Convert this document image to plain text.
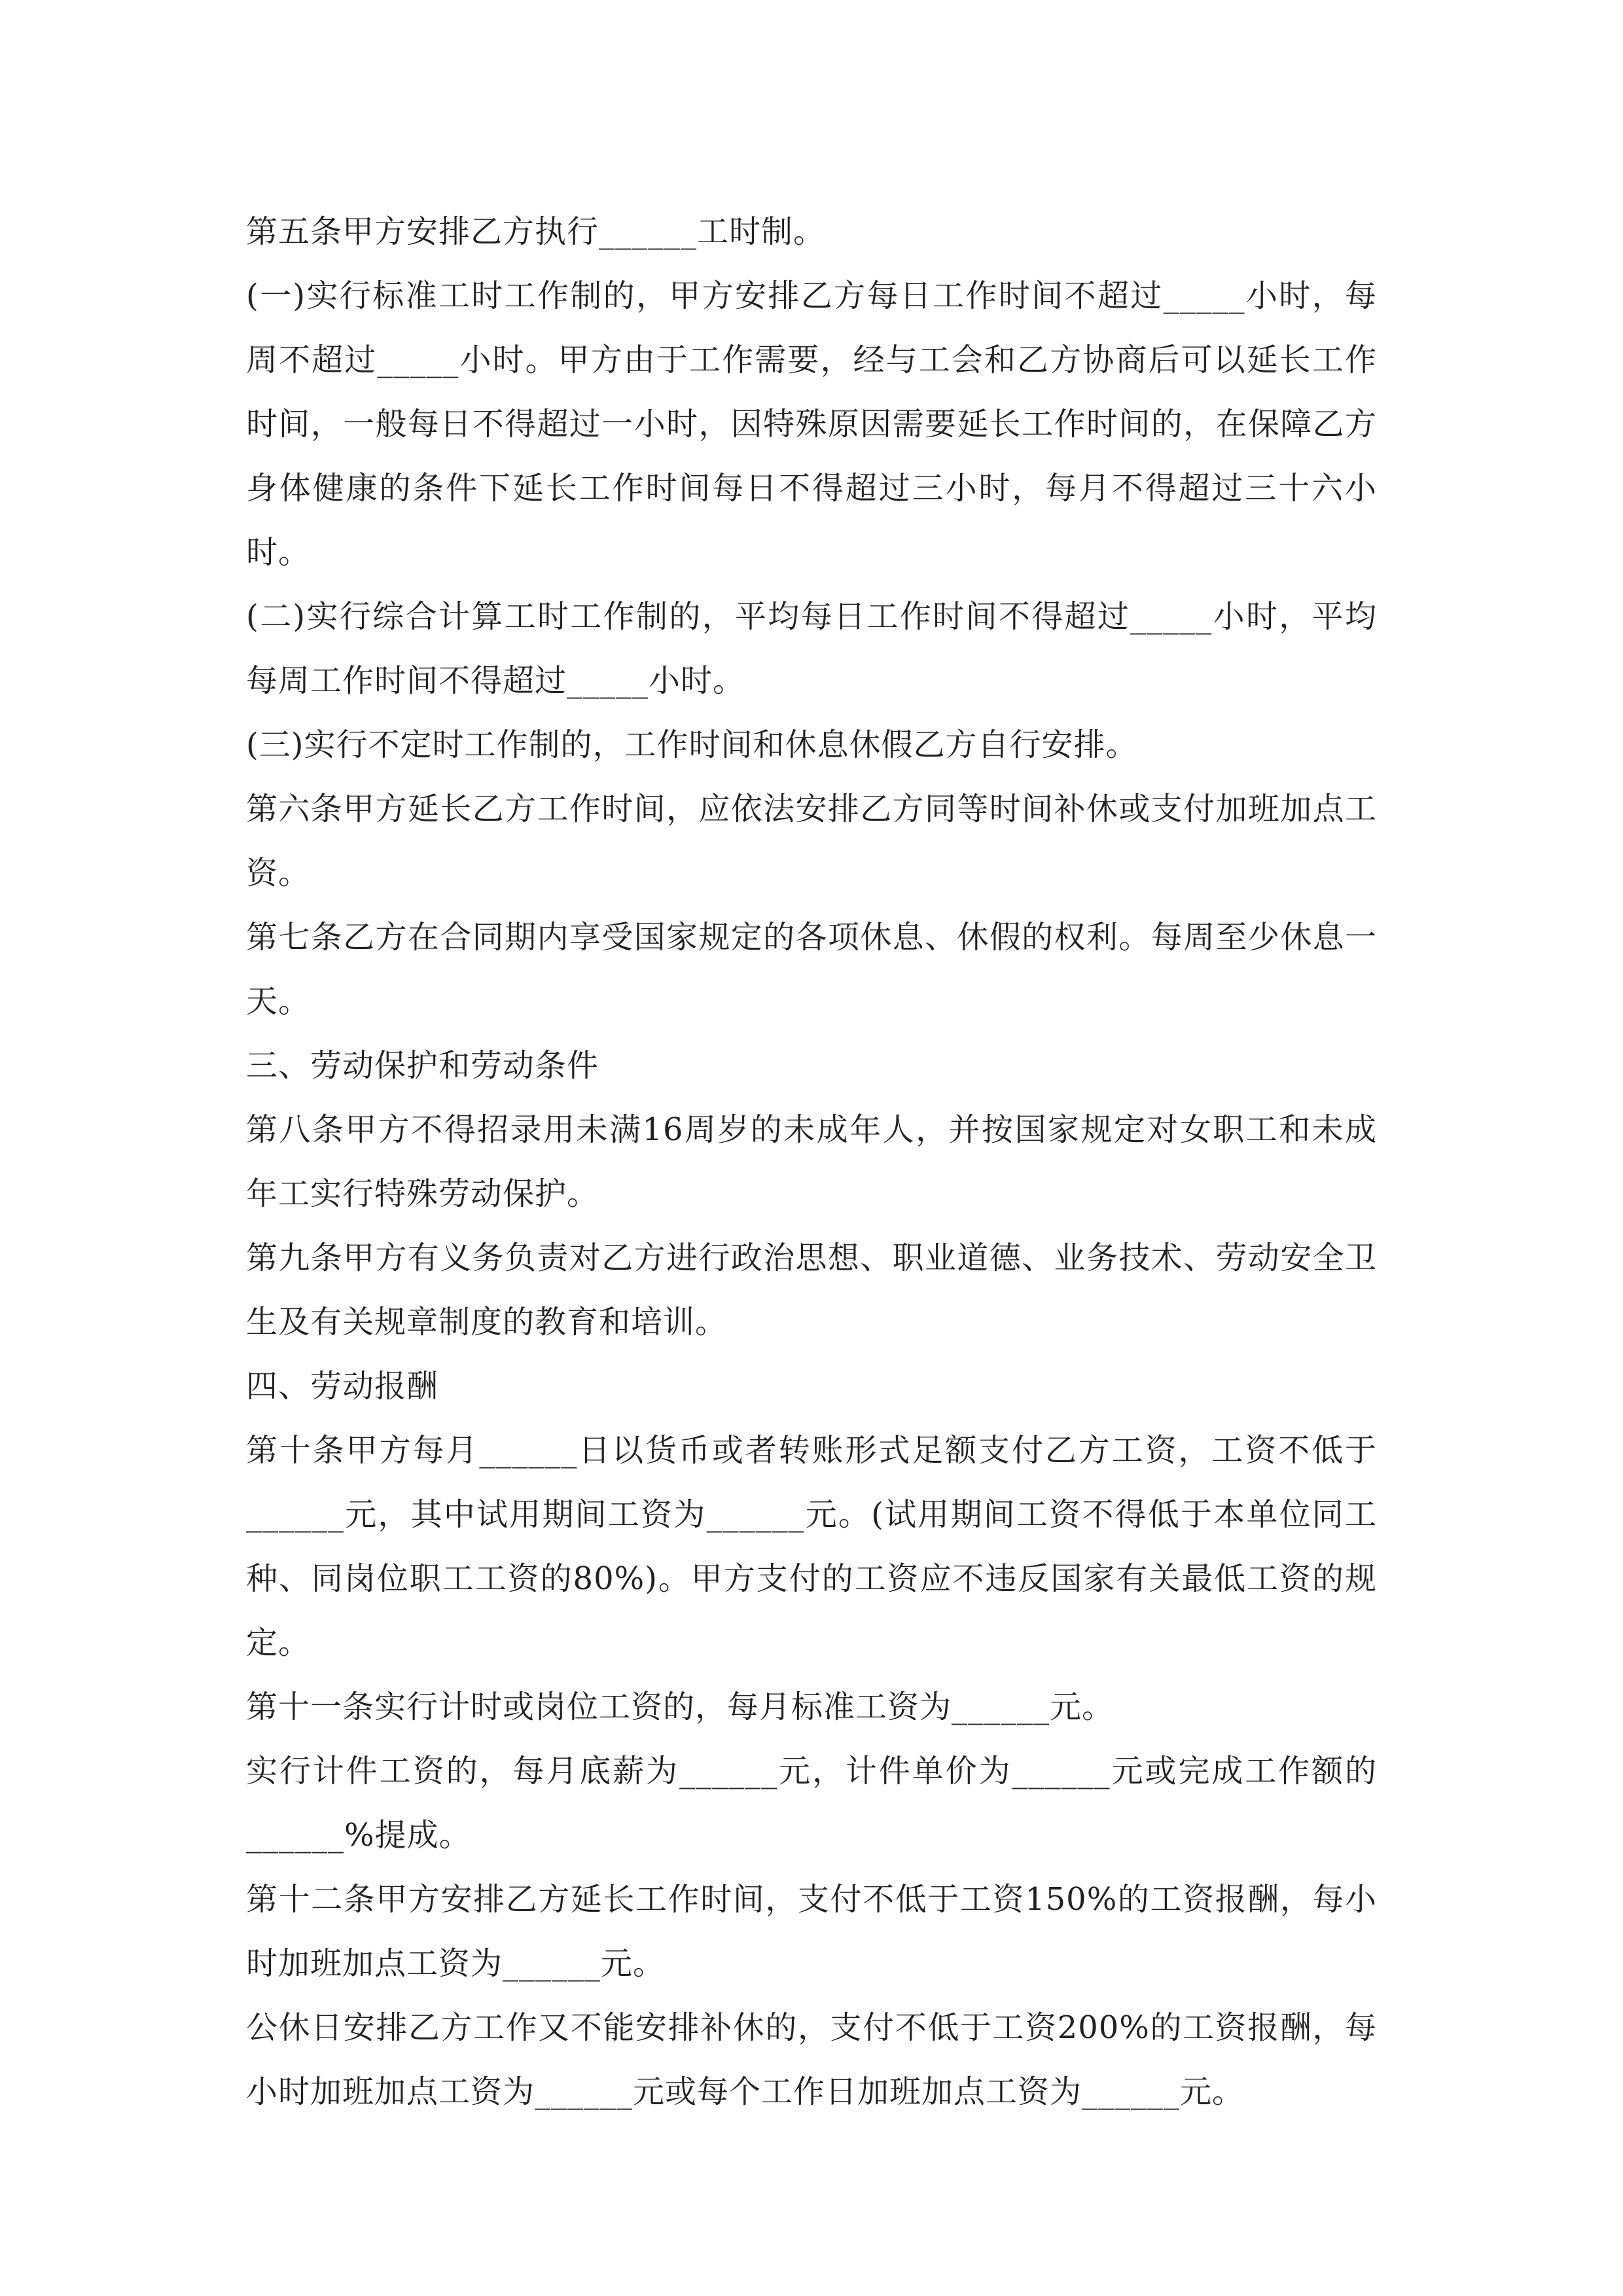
第五条甲方安排乙方执行______工时制。

(一)实行标准工时工作制的，甲方安排乙方每日工作时间不超过_____小时，每周不超过_____小时。甲方由于工作需要，经与工会和乙方协商后可以延长工作时间，一般每日不得超过一小时，因特殊原因需要延长工作时间的，在保障乙方身体健康的条件下延长工作时间每日不得超过三小时，每月不得超过三十六小时。

(二)实行综合计算工时工作制的，平均每日工作时间不得超过_____小时，平均每周工作时间不得超过_____小时。

(三)实行不定时工作制的，工作时间和休息休假乙方自行安排。

第六条甲方延长乙方工作时间，应依法安排乙方同等时间补休或支付加班加点工资。

第七条乙方在合同期内享受国家规定的各项休息、休假的权利。每周至少休息一天。

三、劳动保护和劳动条件

第八条甲方不得招录用未满16周岁的未成年人，并按国家规定对女职工和未成年工实行特殊劳动保护。

第九条甲方有义务负责对乙方进行政治思想、职业道德、业务技术、劳动安全卫生及有关规章制度的教育和培训。

四、劳动报酬

第十条甲方每月______日以货币或者转账形式足额支付乙方工资，工资不低于______元，其中试用期间工资为______元。(试用期间工资不得低于本单位同工种、同岗位职工工资的80%)。甲方支付的工资应不违反国家有关最低工资的规定。

第十一条实行计时或岗位工资的，每月标准工资为______元。

实行计件工资的，每月底薪为______元，计件单价为______元或完成工作额的______%提成。

第十二条甲方安排乙方延长工作时间，支付不低于工资150%的工资报酬，每小时加班加点工资为______元。

公休日安排乙方工作又不能安排补休的，支付不低于工资200%的工资报酬，每小时加班加点工资为______元或每个工作日加班加点工资为______元。
